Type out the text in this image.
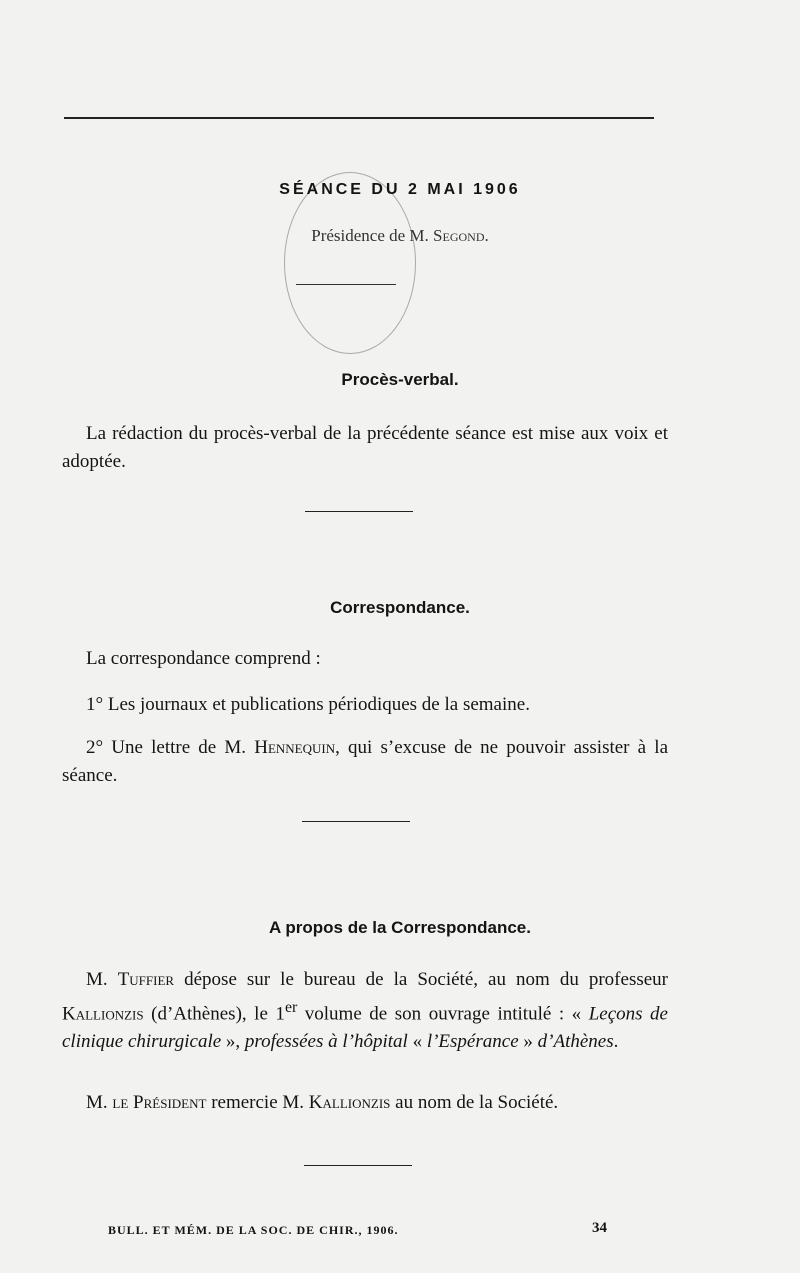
SÉANCE DU 2 MAI 1906
Présidence de M. Segond.
Procès-verbal.
La rédaction du procès-verbal de la précédente séance est mise aux voix et adoptée.
Correspondance.
La correspondance comprend :
1° Les journaux et publications périodiques de la semaine.
2° Une lettre de M. Hennequin, qui s’excuse de ne pouvoir assister à la séance.
A propos de la Correspondance.
M. Tuffier dépose sur le bureau de la Société, au nom du professeur Kallionzis (d’Athènes), le 1er volume de son ouvrage intitulé : « Leçons de clinique chirurgicale », professées à l’hôpital « l’Espérance » d’Athènes.
M. le Président remercie M. Kallionzis au nom de la Société.
BULL. ET MÉM. DE LA SOC. DE CHIR., 1906.	34
